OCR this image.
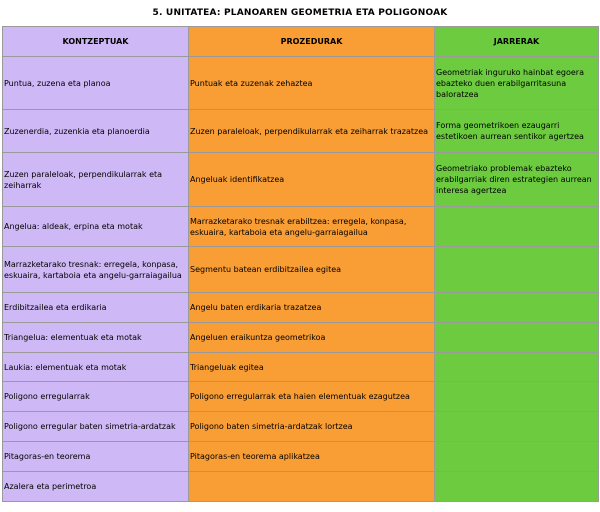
5. UNITATEA: PLANOAREN GEOMETRIA ETA POLIGONOAK
KONTZEPTUAK	PROZEDURAK	JARRERAK
Puntua, zuzena eta planoa	Puntuak eta zuzenak zehaztea	Geometriak inguruko hainbat egoera ebazteko duen erabilgarritasuna baloratzea
Zuzenerdia, zuzenkia eta planoerdia	Zuzen paraleloak, perpendikularrak eta zeiharrak trazatzea	Forma geometrikoen ezaugarri estetikoen aurrean sentikor agertzea
Zuzen paraleloak, perpendikularrak eta zeiharrak	Angeluak identifikatzea	Geometriako problemak ebazteko erabilgarriak diren estrategien aurrean interesa agertzea
Angelua: aldeak, erpina eta motak	Marrazketarako tresnak erabiltzea: erregela, konpasa, eskuaira, kartaboia eta angelu-garraiagailua	
Marrazketarako tresnak: erregela, konpasa, eskuaira, kartaboia eta angelu-garraiagailua	Segmentu batean erdibitzailea egitea	
Erdibitzailea eta erdikaria	Angelu baten erdikaria trazatzea	
Triangelua: elementuak eta motak	Angeluen eraikuntza geometrikoa	
Laukia: elementuak eta motak	Triangeluak egitea	
Poligono erregularrak	Poligono erregularrak eta haien elementuak ezagutzea	
Poligono erregular baten simetria-ardatzak	Poligono baten simetria-ardatzak lortzea	
Pitagoras-en teorema	Pitagoras-en teorema aplikatzea	
Azalera eta perimetroa		
